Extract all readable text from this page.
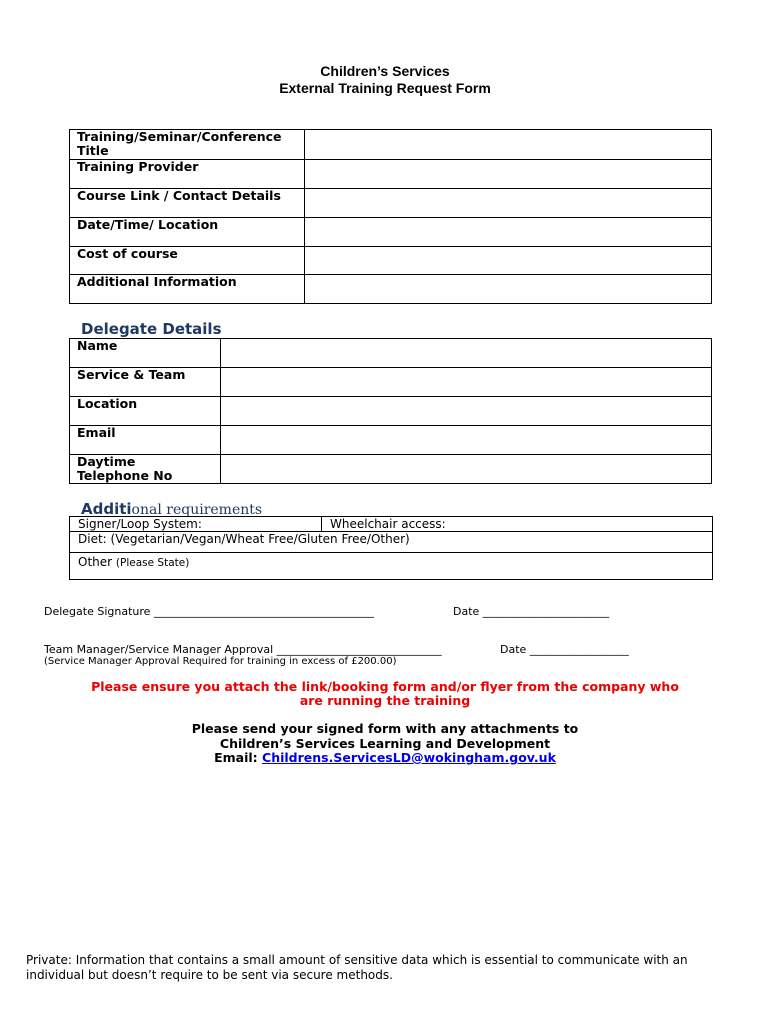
Children’s Services
External Training Request Form
Training/Seminar/Conference Title	
Training Provider	
Course Link / Contact Details	
Date/Time/ Location	
Cost of course	
Additional Information	
Delegate Details
Name	
Service & Team	
Location	
Email	

Daytime Telephone No	

Additional requirements
Signer/Loop System:	Wheelchair access:
Diet: (Vegetarian/Vegan/Wheat Free/Gluten Free/Other)
Other (Please State)
Delegate Signature ________________________________________	Date _______________________
Team Manager/Service Manager Approval ______________________________	Date __________________
(Service Manager Approval Required for training in excess of £200.00)
Please ensure you attach the link/booking form and/or flyer from the company who
are running the training
Please send your signed form with any attachments to
Children’s Services Learning and Development
Email: Childrens.ServicesLD@wokingham.gov.uk
Private: Information that contains a small amount of sensitive data which is essential to communicate with an individual but doesn’t require to be sent via secure methods.
